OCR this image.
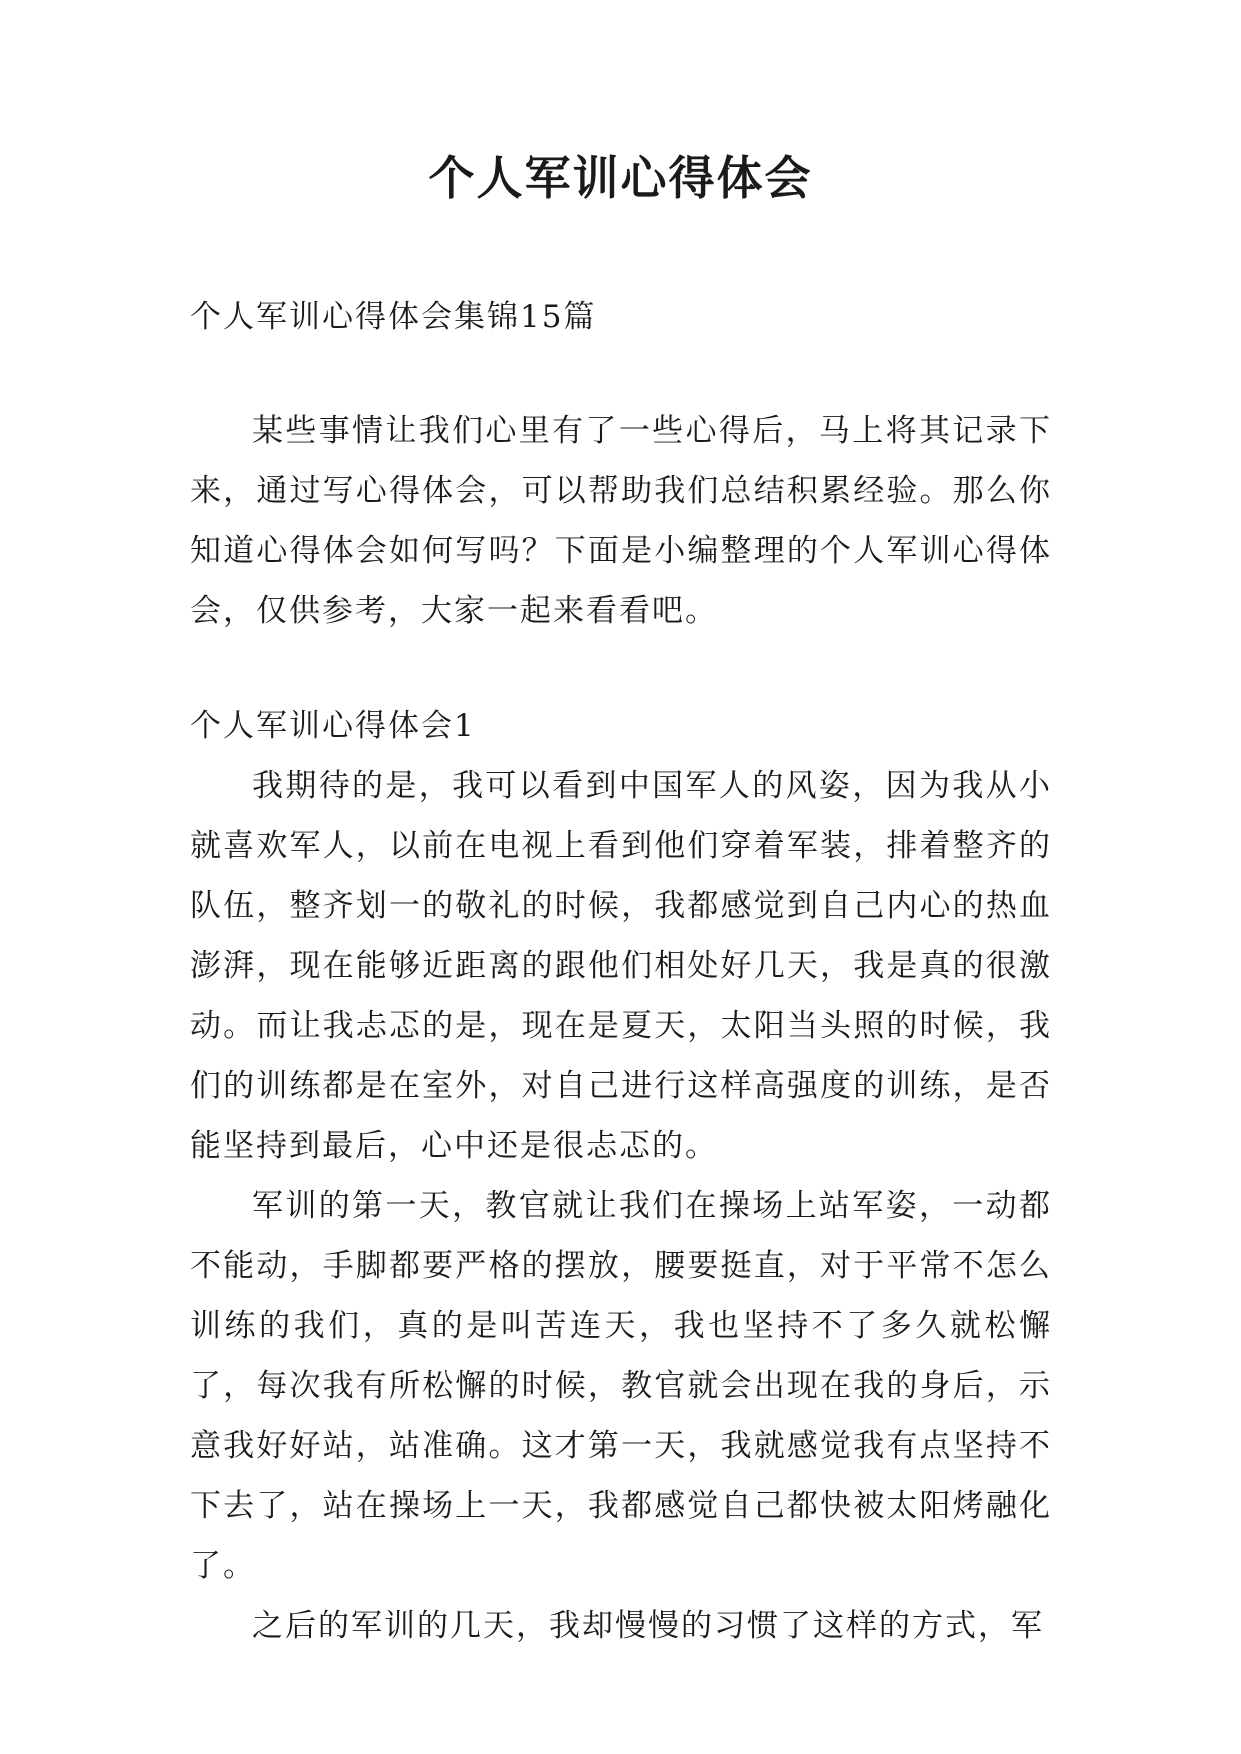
个人军训心得体会

个人军训心得体会集锦15篇

某些事情让我们心里有了一些心得后，马上将其记录下来，通过写心得体会，可以帮助我们总结积累经验。那么你知道心得体会如何写吗？下面是小编整理的个人军训心得体会，仅供参考，大家一起来看看吧。

个人军训心得体会1

我期待的是，我可以看到中国军人的风姿，因为我从小就喜欢军人，以前在电视上看到他们穿着军装，排着整齐的队伍，整齐划一的敬礼的时候，我都感觉到自己内心的热血澎湃，现在能够近距离的跟他们相处好几天，我是真的很激动。而让我忐忑的是，现在是夏天，太阳当头照的时候，我们的训练都是在室外，对自己进行这样高强度的训练，是否能坚持到最后，心中还是很忐忑的。

军训的第一天，教官就让我们在操场上站军姿，一动都不能动，手脚都要严格的摆放，腰要挺直，对于平常不怎么训练的我们，真的是叫苦连天，我也坚持不了多久就松懈了，每次我有所松懈的时候，教官就会出现在我的身后，示意我好好站，站准确。这才第一天，我就感觉我有点坚持不下去了，站在操场上一天，我都感觉自己都快被太阳烤融化了。

之后的军训的几天，我却慢慢的习惯了这样的方式，军
